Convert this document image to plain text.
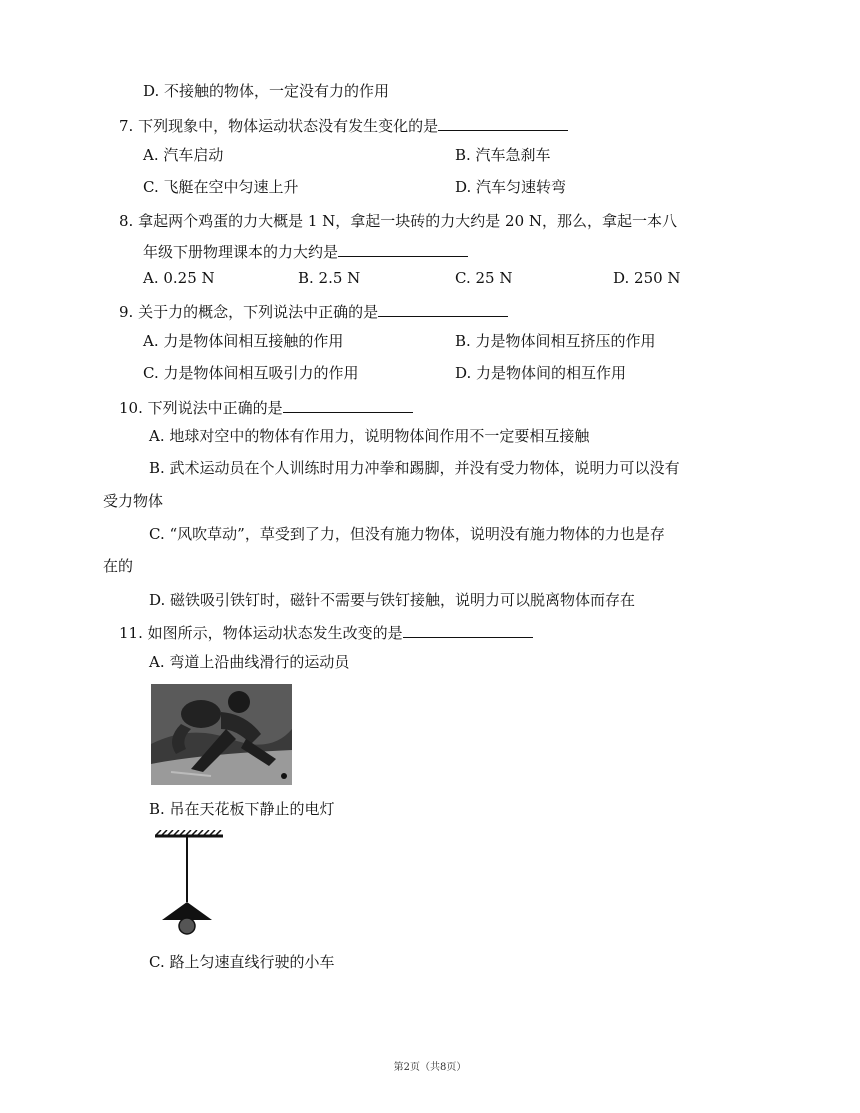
D. 不接触的物体，一定没有力的作用
7. 下列现象中，物体运动状态没有发生变化的是
A. 汽车启动	B. 汽车急刹车
C. 飞艇在空中匀速上升	D. 汽车匀速转弯
8. 拿起两个鸡蛋的力大概是 1 N，拿起一块砖的力大约是 20 N，那么，拿起一本八
年级下册物理课本的力大约是
A. 0.25 N	B. 2.5 N	C. 25 N	D. 250 N
9. 关于力的概念，下列说法中正确的是
A. 力是物体间相互接触的作用	B. 力是物体间相互挤压的作用
C. 力是物体间相互吸引力的作用	D. 力是物体间的相互作用
10. 下列说法中正确的是
A. 地球对空中的物体有作用力，说明物体间作用不一定要相互接触
B. 武术运动员在个人训练时用力冲拳和踢脚，并没有受力物体，说明力可以没有
受力物体
C. “风吹草动”，草受到了力，但没有施力物体，说明没有施力物体的力也是存
在的
D. 磁铁吸引铁钉时，磁针不需要与铁钉接触，说明力可以脱离物体而存在
11. 如图所示，物体运动状态发生改变的是
A. 弯道上沿曲线滑行的运动员
B. 吊在天花板下静止的电灯
C. 路上匀速直线行驶的小车
第2页（共8页）
